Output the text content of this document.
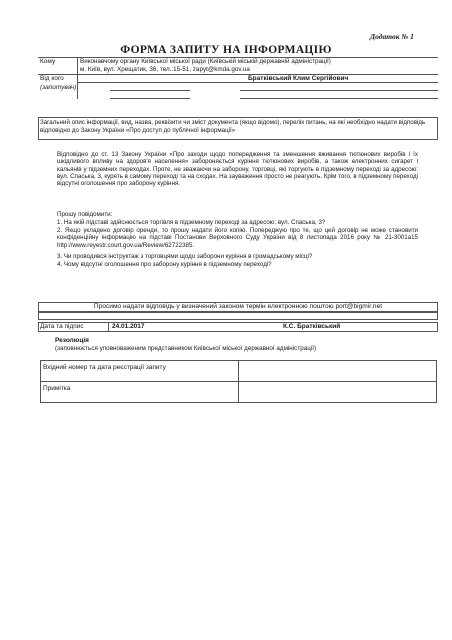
Додаток № 1
ФОРМА ЗАПИТУ НА ІНФОРМАЦІЮ
Кому	Виконавчому органу Київської міської ради (Київській міській державній адміністрації)
м. Київ, вул. Хрещатик, 36, тел.:15-51, zapyt@kmda.gov.ua
Від кого
(запитувач)
Братківський Клим Сергійович
Загальний опис інформації, вид, назва, реквізити чи зміст документа (якщо відомо), перелік питань, на які необхідно надати відповідь відповідно до Закону України «Про доступ до публічної інформації»

Відповідно до ст. 13 Закону України «Про заходи щодо попередження та зменшення вживання тютюнових виробів і їх шкідливого впливу на здоров'я населення» забороняється куріння тютюнових виробів, а також електронних сигарет і кальянів у підземних переходах. Проте, не зважаючи на заборону, торговці, які торгують в підземному переході за адресою: вул. Спаська, 3, курять в самому переході та на сходах. На зауваження просто не реагують. Крім того, в підземному переході відсутні оголошення про заборону куріння.

Прошу повідомити:
1. На якій підставі здійснюється торгівля в підземному переході за адресою: вул. Спаська, 3?
2. Якщо укладено договір оренди, то прошу надати його копію. Попереджую про те, що цей договір не може становити конфіденційну інформацію на підставі Постанови Верховного Суду України від 8 листопада 2016 року № 21-3001а15 http://www.reyestr.court.gov.ua/Review/62722385.
3. Чи проводився інструктаж з торговцями щодо заборони куріння в громадському місці?
4. Чому відсутні оголошення про заборону куріння в підземному переході?
Просимо надати відповідь у визначений законом термін електронною поштою port@bigmir.net
Дата та підпис	24.01.2017	К.С. Братківський
Резолюція
(заповнюється уповноваженим представником Київської міської державної адміністрації)
Вхідний номер та дата реєстрації запиту
Примітка
